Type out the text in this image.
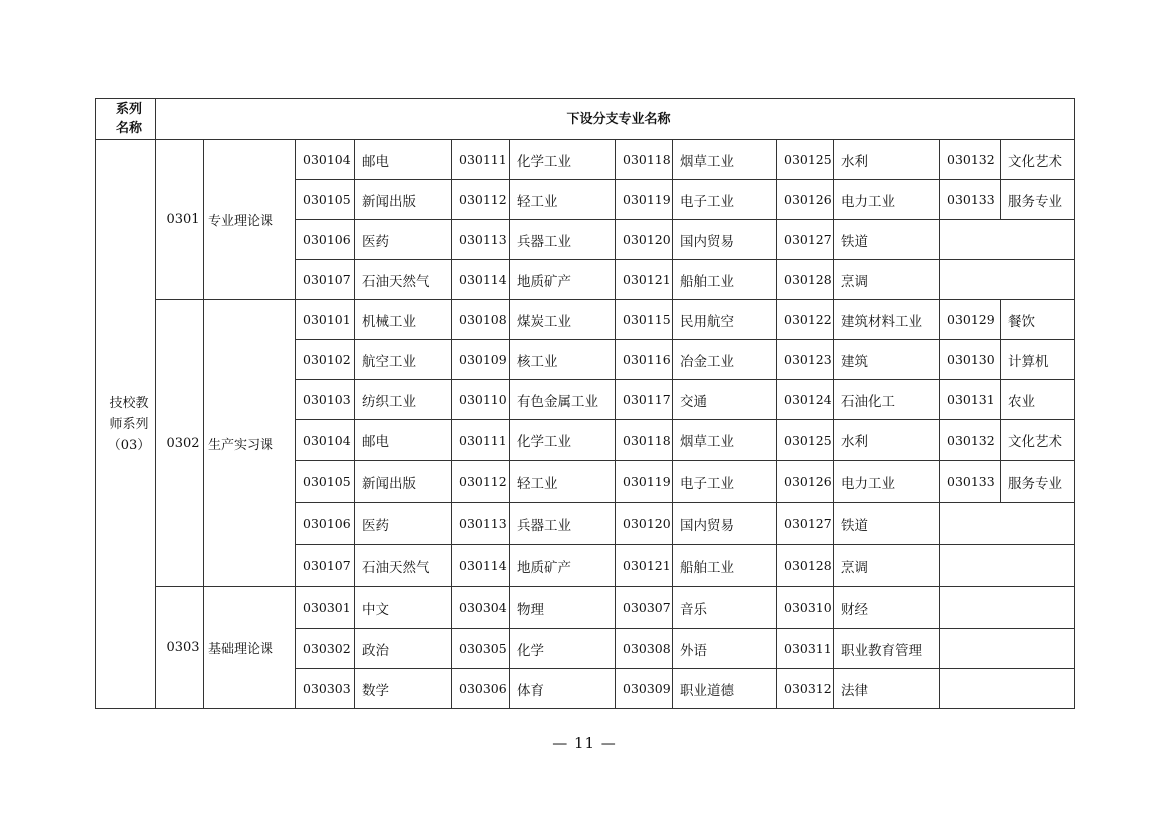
系列
名称	下设分支专业名称											

技校教
师系列
（03）	0301	专业理论课	030104	邮电	030111	化学工业	030118	烟草工业	030125	水利	030132	文化艺术
			030105	新闻出版	030112	轻工业	030119	电子工业	030126	电力工业	030133	服务专业
			030106	医药	030113	兵器工业	030120	国内贸易	030127	铁道		
			030107	石油天然气	030114	地质矿产	030121	船舶工业	030128	烹调		
	0302	生产实习课	030101	机械工业	030108	煤炭工业	030115	民用航空	030122	建筑材料工业	030129	餐饮
			030102	航空工业	030109	核工业	030116	冶金工业	030123	建筑	030130	计算机
			030103	纺织工业	030110	有色金属工业	030117	交通	030124	石油化工	030131	农业
			030104	邮电	030111	化学工业	030118	烟草工业	030125	水利	030132	文化艺术
			030105	新闻出版	030112	轻工业	030119	电子工业	030126	电力工业	030133	服务专业
			030106	医药	030113	兵器工业	030120	国内贸易	030127	铁道		
			030107	石油天然气	030114	地质矿产	030121	船舶工业	030128	烹调		
	0303	基础理论课	030301	中文	030304	物理	030307	音乐	030310	财经		
			030302	政治	030305	化学	030308	外语	030311	职业教育管理		
			030303	数学	030306	体育	030309	职业道德	030312	法律		
— 11 —
